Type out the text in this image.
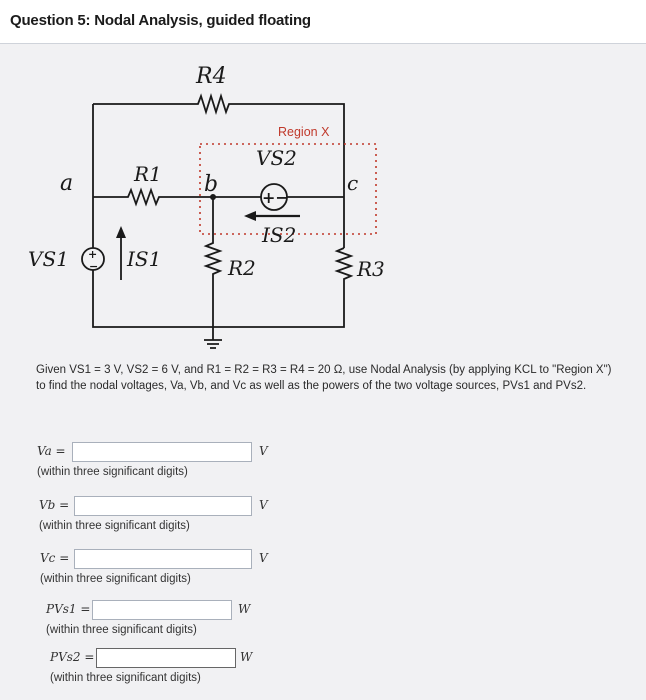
Question 5: Nodal Analysis, guided floating
R4
R1
R2	R3
a	b	c
Region X
VS2
IS2
VS1	IS1
+−
+
−
Given VS1 = 3 V, VS2 = 6 V, and R1 = R2 = R3 = R4 = 20 Ω, use Nodal Analysis (by applying KCL to "Region X") to find the nodal voltages, Va, Vb, and Vc as well as the powers of the two voltage sources, PVs1 and PVs2.
Va =	V
(within three significant digits)
Vb =	V
(within three significant digits)
Vc =	V
(within three significant digits)
PVs1 =	W
(within three significant digits)
PVs2 =	W
(within three significant digits)
